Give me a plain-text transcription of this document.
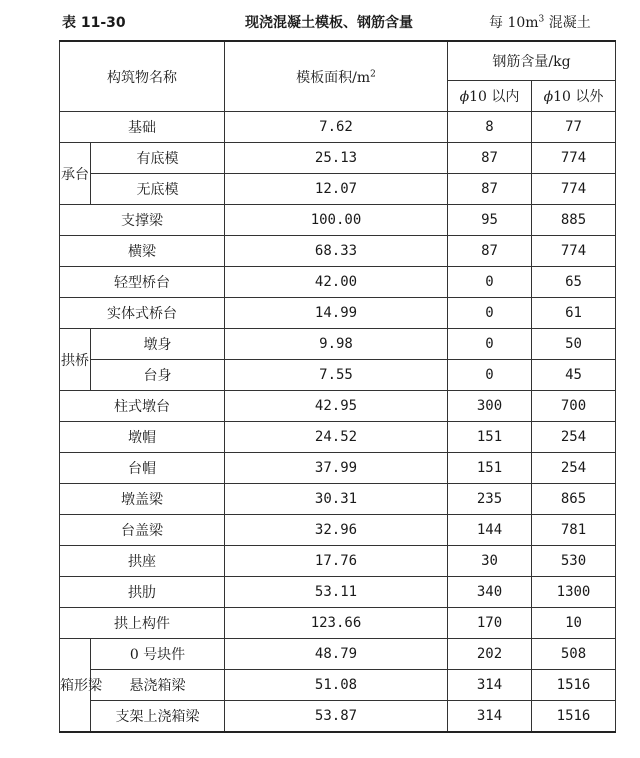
表 11-30	现浇混凝土模板、钢筋含量	每 $10m^3$ 混凝土
构筑物名称		模板面积$/m^2$	钢筋含量/kg	
			ϕ10 以内	ϕ10 以外
基础		7.62	8	77
承台	有底模	25.13	87	774
	无底模	12.07	87	774
支撑梁		100.00	95	885
横梁		68.33	87	774
轻型桥台		42.00	0	65
实体式桥台		14.99	0	61
拱桥	墩身	9.98	0	50
	台身	7.55	0	45
柱式墩台		42.95	300	700
墩帽		24.52	151	254
台帽		37.99	151	254
墩盖梁		30.31	235	865
台盖梁		32.96	144	781
拱座		17.76	30	530
拱肋		53.11	340	1300
拱上构件		123.66	170	10
箱形梁	0 号块件	48.79	202	508
	悬浇箱梁	51.08	314	1516
	支架上浇箱梁	53.87	314	1516
